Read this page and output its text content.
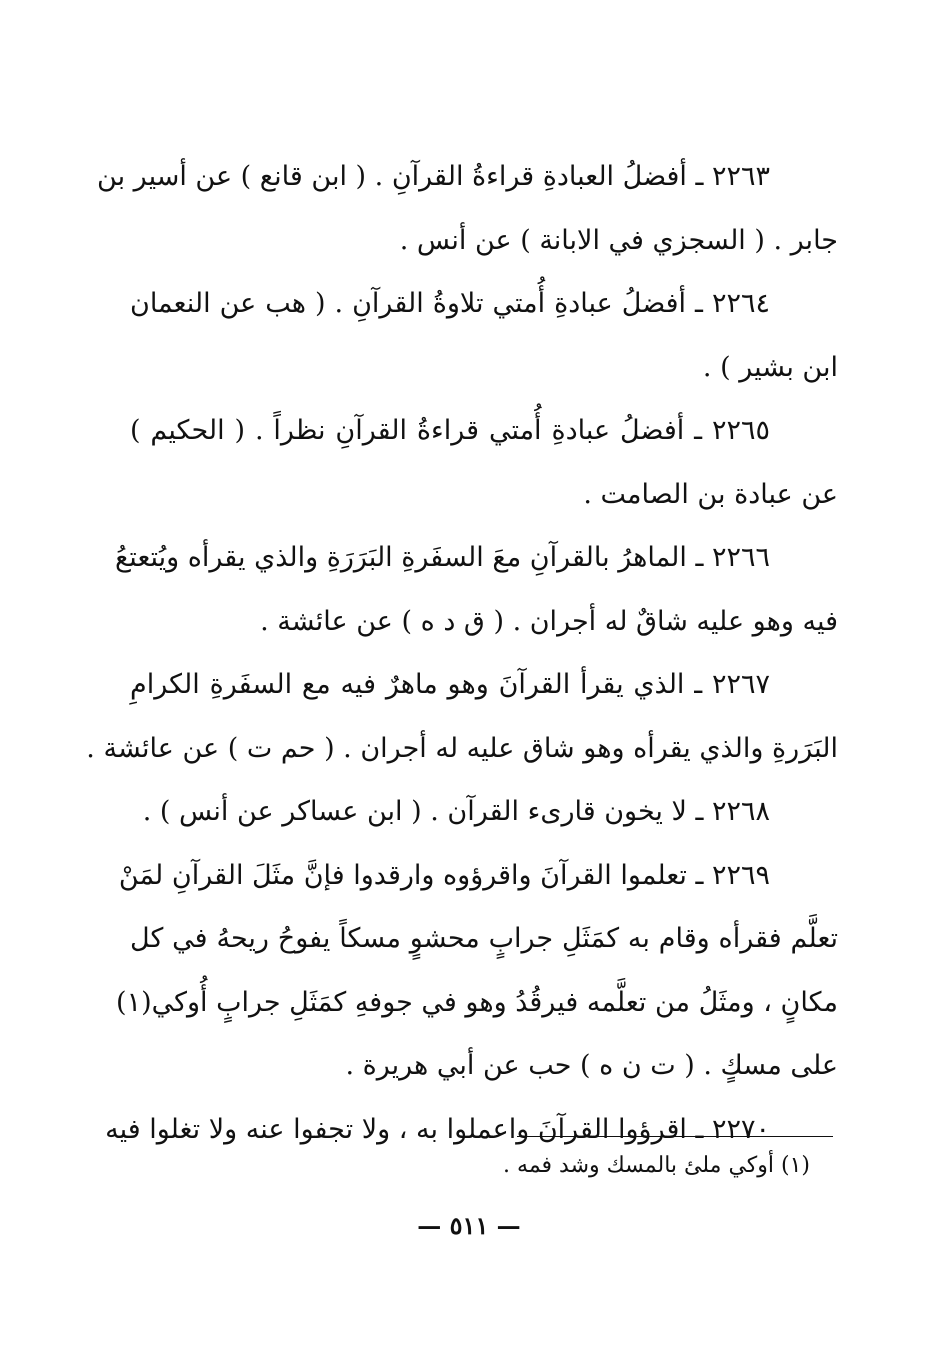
٢٢٦٣ ـ أفضلُ العبادةِ قراءةُ القرآنِ . ( ابن قانع ) عن أسير بن
جابر . ( السجزي في الابانة ) عن أنس .
٢٢٦٤ ـ أفضلُ عبادةِ أُمتي تلاوةُ القرآنِ . ( هب عن النعمان
ابن بشير ) .
٢٢٦٥ ـ أفضلُ عبادةِ أُمتي قراءةُ القرآنِ نظراً . ( الحكيم )
عن عبادة بن الصامت .
٢٢٦٦ ـ الماهرُ بالقرآنِ معَ السفَرةِ البَرَرَةِ والذي يقرأه ويُتعتعُ
فيه وهو عليه شاقٌ له أجران . ( ق د ه ) عن عائشة .
٢٢٦٧ ـ الذي يقرأ القرآنَ وهو ماهرٌ فيه مع السفَرةِ الكرامِ
البَرَرةِ والذي يقرأه وهو شاق عليه له أجران . ( حم ت ) عن عائشة .
٢٢٦٨ ـ لا يخون قارىء القرآن . ( ابن عساكر عن أنس ) .
٢٢٦٩ ـ تعلموا القرآنَ واقرؤوه وارقدوا فإنَّ مثَلَ القرآنِ لمَنْ
تعلَّم فقرأه وقام به كمَثَلِ جرابٍ محشوٍ مسكاً يفوحُ ريحهُ في كل
مكانٍ ، ومثَلُ من تعلَّمه فيرقُدُ وهو في جوفهِ كمَثَلِ جرابٍ أُوكي(١)
على مسكٍ . ( ت ن ه ) حب عن أبي هريرة .
٢٢٧٠ ـ اقرؤوا القرآنَ واعملوا به ، ولا تجفوا عنه ولا تغلوا فيه
(١) أوكي ملئ بالمسك وشد فمه .
— ٥١١ —
